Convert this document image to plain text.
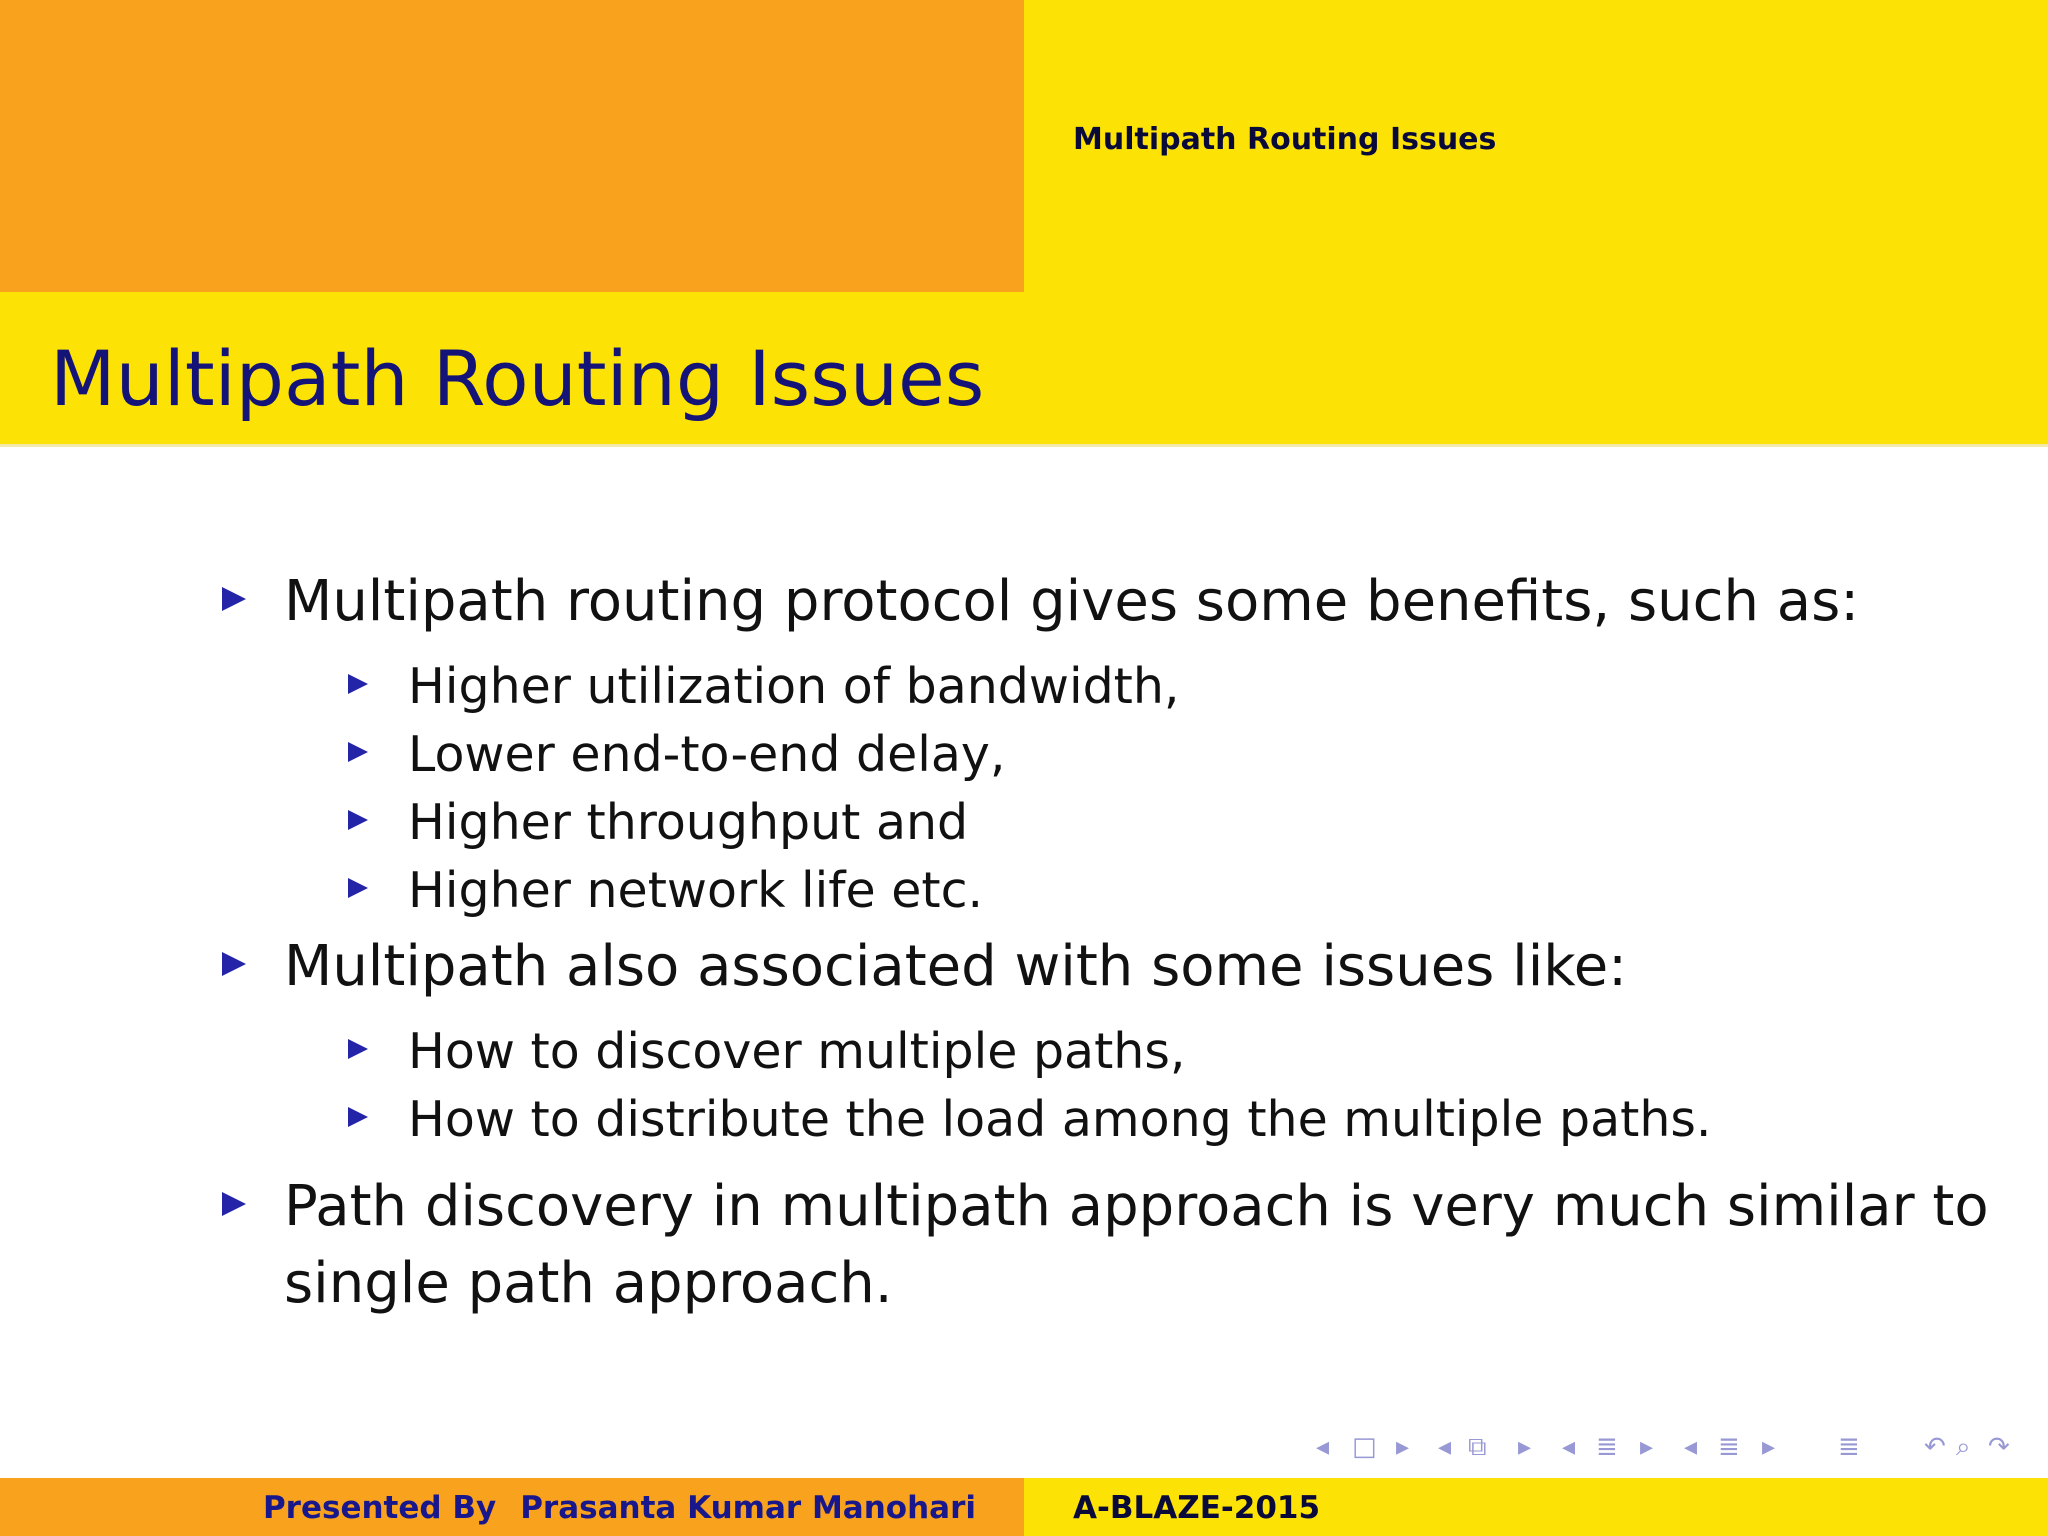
Multipath Routing Issues
Multipath Routing Issues
Multipath routing protocol gives some benefits, such as:
Higher utilization of bandwidth,
Lower end-to-end delay,
Higher throughput and
Higher network life etc.
Multipath also associated with some issues like:
How to discover multiple paths,
How to distribute the load among the multiple paths.
Path discovery in multipath approach is very much similar to
single path approach.
◂ □ ▸ ◂ ⧉ ▸ ◂ ≣ ▸ ◂ ≣ ▸ ≣ ↶ ⌕ ↷
Presented By Prasanta Kumar Manohari	A-BLAZE-2015
